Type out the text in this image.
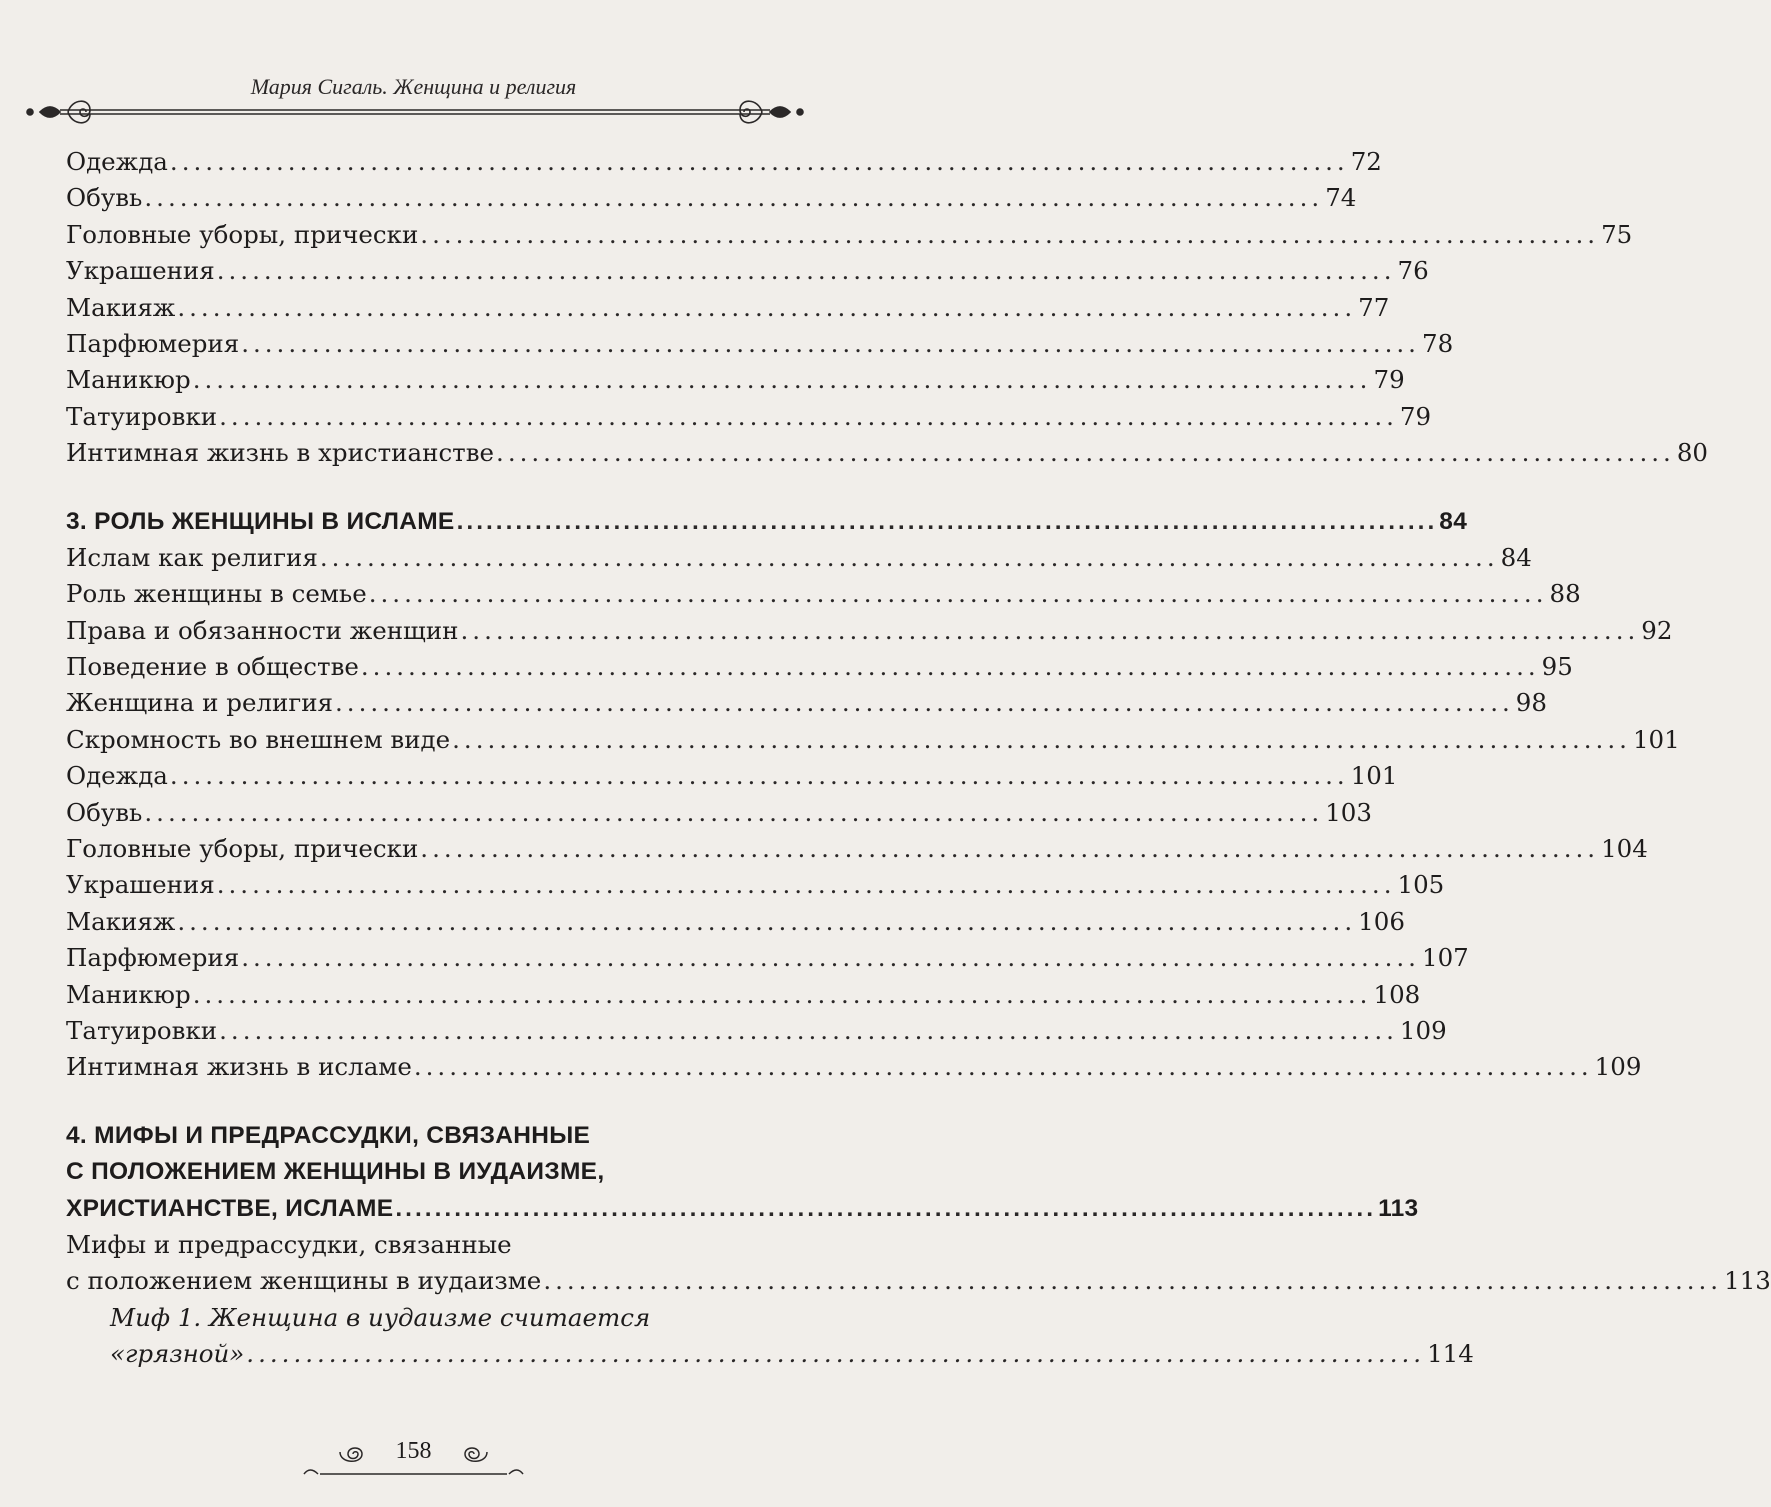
Мария Сигаль. Женщина и религия
Одежда .................................................................................................... 72
Обувь .................................................................................................... 74
Головные уборы, прически .................................................................................................... 75
Украшения .................................................................................................... 76
Макияж .................................................................................................... 77
Парфюмерия .................................................................................................... 78
Маникюр .................................................................................................... 79
Татуировки .................................................................................................... 79
Интимная жизнь в христианстве .................................................................................................... 80
3. РОЛЬ ЖЕНЩИНЫ В ИСЛАМЕ .................................................................................................... 84
Ислам как религия .................................................................................................... 84
Роль женщины в семье .................................................................................................... 88
Права и обязанности женщин .................................................................................................... 92
Поведение в обществе .................................................................................................... 95
Женщина и религия .................................................................................................... 98
Скромность во внешнем виде .................................................................................................... 101
Одежда .................................................................................................... 101
Обувь .................................................................................................... 103
Головные уборы, прически .................................................................................................... 104
Украшения .................................................................................................... 105
Макияж .................................................................................................... 106
Парфюмерия .................................................................................................... 107
Маникюр .................................................................................................... 108
Татуировки .................................................................................................... 109
Интимная жизнь в исламе .................................................................................................... 109
4. МИФЫ И ПРЕДРАССУДКИ, СВЯЗАННЫЕ
С ПОЛОЖЕНИЕМ ЖЕНЩИНЫ В ИУДАИЗМЕ,
ХРИСТИАНСТВЕ, ИСЛАМЕ .................................................................................................... 113
Мифы и предрассудки, связанные
с положением женщины в иудаизме .................................................................................................... 113
Миф 1. Женщина в иудаизме считается
«грязной» .................................................................................................... 114
158
